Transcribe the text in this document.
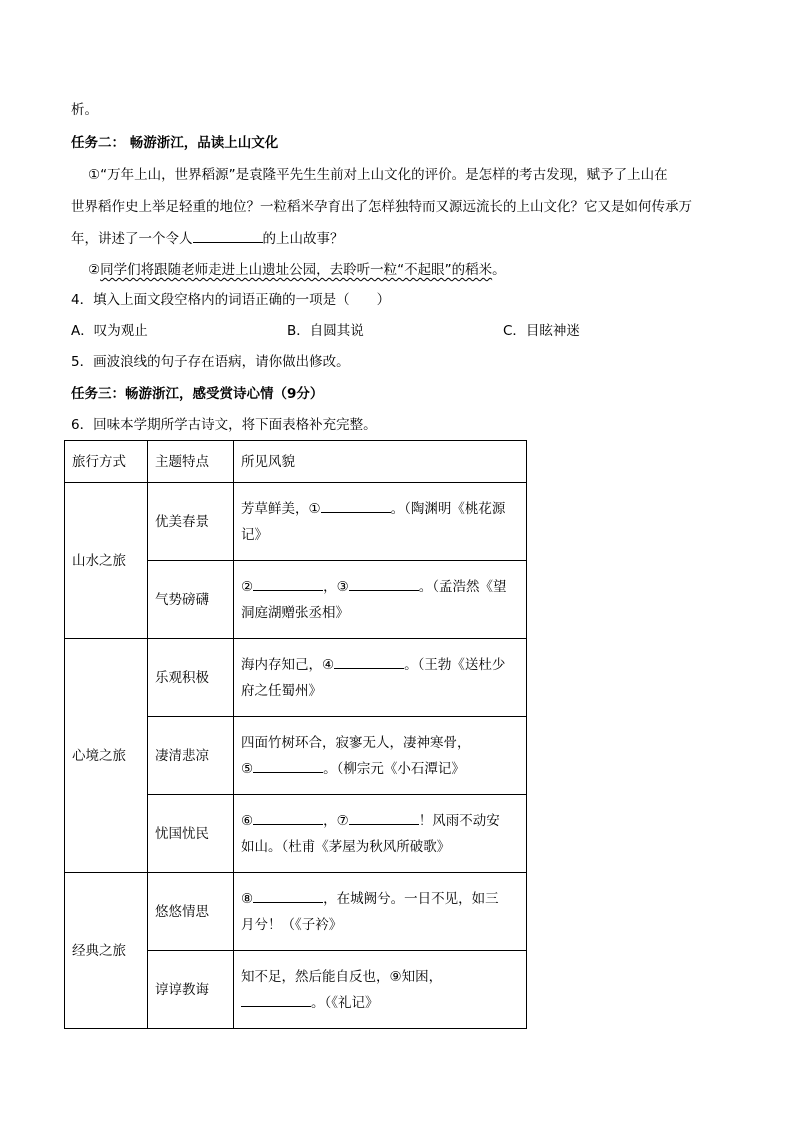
析。
任务二： 畅游浙江，品读上山文化
①“万年上山，世界稻源”是袁隆平先生生前对上山文化的评价。是怎样的考古发现，赋予了上山在
世界稻作史上举足轻重的地位？一粒稻米孕育出了怎样独特而又源远流长的上山文化？它又是如何传承万
年，讲述了一个令人	的上山故事？
②同学们将跟随老师走进上山遗址公园，去聆听一粒“不起眼”的稻米。
4．填入上面文段空格内的词语正确的一项是（　　）
A．叹为观止	B．自圆其说	C．目眩神迷
5．画波浪线的句子存在语病，请你做出修改。
任务三：畅游浙江，感受赏诗心情（9分）
6．回味本学期所学古诗文，将下面表格补充完整。
旅行方式	主题特点	所见风貌
山水之旅	优美春景	芳草鲜美，① 。（陶渊明《桃花源
记》
	气势磅礴	② ，③ 。（孟浩然《望
洞庭湖赠张丞相》
心境之旅	乐观积极	海内存知己，④ 。（王勃《送杜少
府之任蜀州》
	凄清悲凉	四面竹树环合，寂寥无人，凄神寒骨，
⑤ 。（柳宗元《小石潭记》
	忧国忧民	⑥ ，⑦ ！风雨不动安
如山。（杜甫《茅屋为秋风所破歌》
经典之旅	悠悠情思	⑧ ，在城阙兮。一日不见，如三
月兮！（《子衿》
	谆谆教诲	知不足，然后能自反也，⑨知困，
。（《礼记》
